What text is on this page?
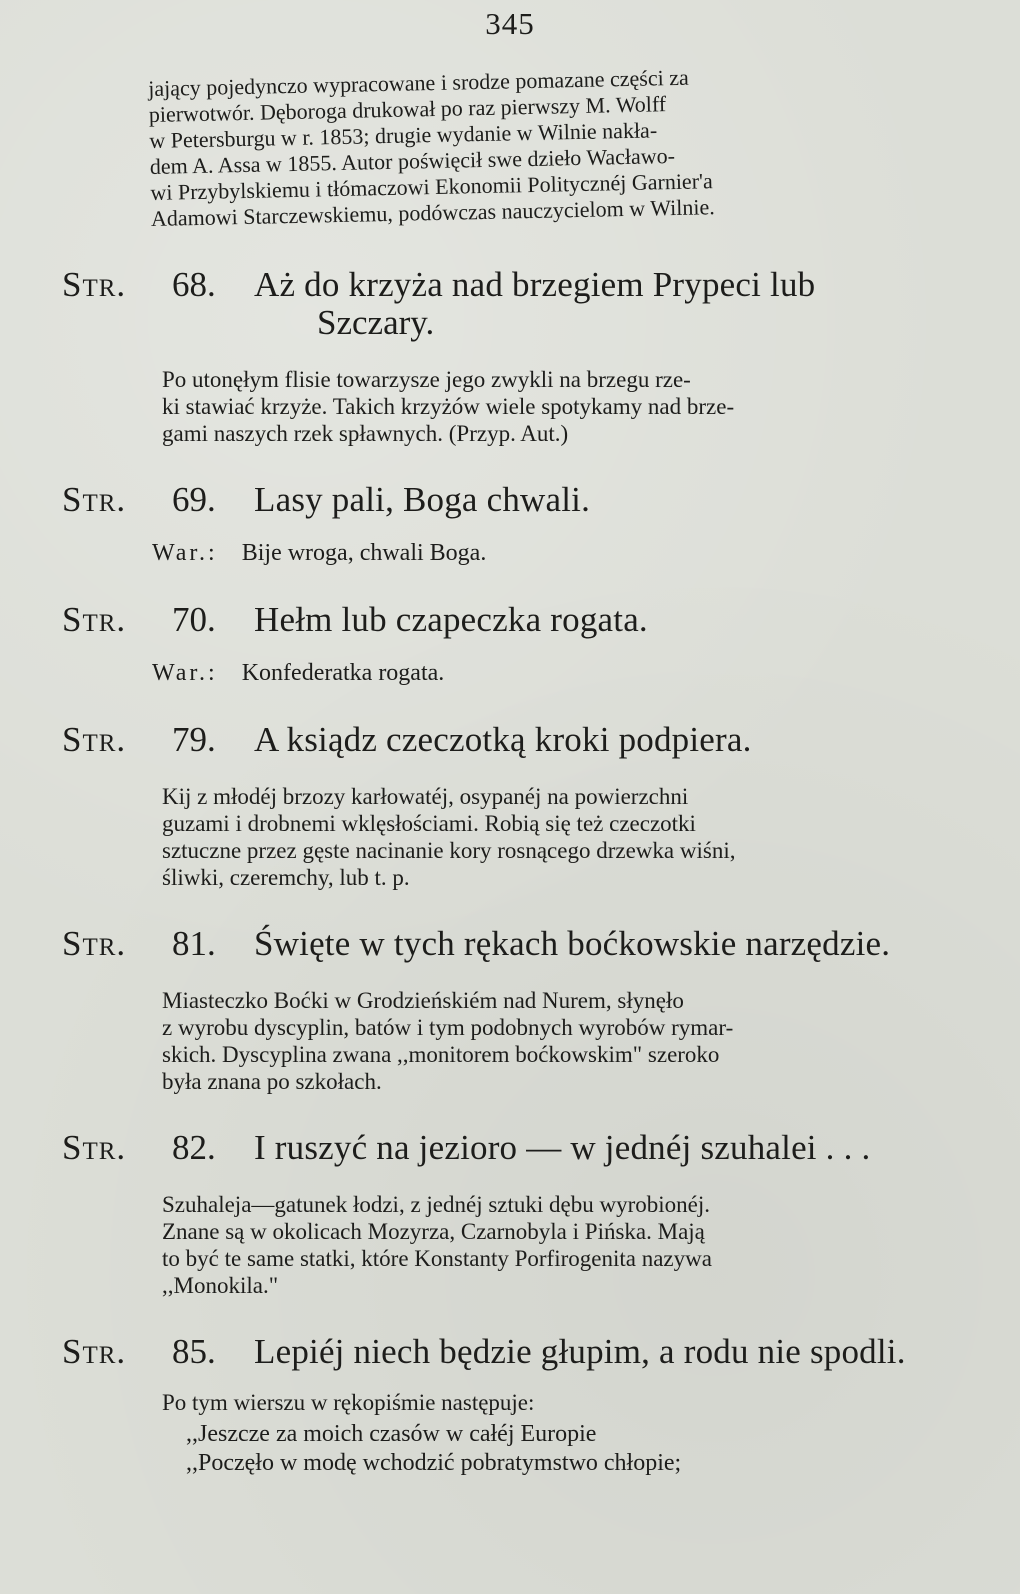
345
jający pojedynczo wypracowane i srodze pomazane części za
pierwotwór. Dęboroga drukował po raz pierwszy M. Wolff
w Petersburgu w r. 1853; drugie wydanie w Wilnie nakła-
dem A. Assa w 1855. Autor poświęcił swe dzieło Wacławo-
wi Przybylskiemu i tłómaczowi Ekonomii Politycznéj Garnier'a
Adamowi Starczewskiemu, podówczas nauczycielom w Wilnie.
Str.	68.	Aż do krzyża nad brzegiem Prypeci lub
Szczary.
Po utonęłym flisie towarzysze jego zwykli na brzegu rze-
ki stawiać krzyże. Takich krzyżów wiele spotykamy nad brze-
gami naszych rzek spławnych. (Przyp. Aut.)
Str.	69.	Lasy pali, Boga chwali.
War.: Bije wroga, chwali Boga.
Str.	70.	Hełm lub czapeczka rogata.
War.: Konfederatka rogata.
Str.	79.	A ksiądz czeczotką kroki podpiera.
Kij z młodéj brzozy karłowatéj, osypanéj na powierzchni
guzami i drobnemi wklęsłościami. Robią się też czeczotki
sztuczne przez gęste nacinanie kory rosnącego drzewka wiśni,
śliwki, czeremchy, lub t. p.
Str.	81.	Święte w tych rękach boćkowskie narzędzie.
Miasteczko Boćki w Grodzieńskiém nad Nurem, słynęło
z wyrobu dyscyplin, batów i tym podobnych wyrobów rymar-
skich. Dyscyplina zwana ,,monitorem boćkowskim" szeroko
była znana po szkołach.
Str.	82.	I ruszyć na jezioro — w jednéj szuhalei . . .
Szuhaleja—gatunek łodzi, z jednéj sztuki dębu wyrobionéj.
Znane są w okolicach Mozyrza, Czarnobyla i Pińska. Mają
to być te same statki, które Konstanty Porfirogenita nazywa
,,Monokila."
Str.	85.	Lepiéj niech będzie głupim, a rodu nie spodli.
Po tym wierszu w rękopiśmie następuje:
,,Jeszcze za moich czasów w całéj Europie
,,Poczęło w modę wchodzić pobratymstwo chłopie;
